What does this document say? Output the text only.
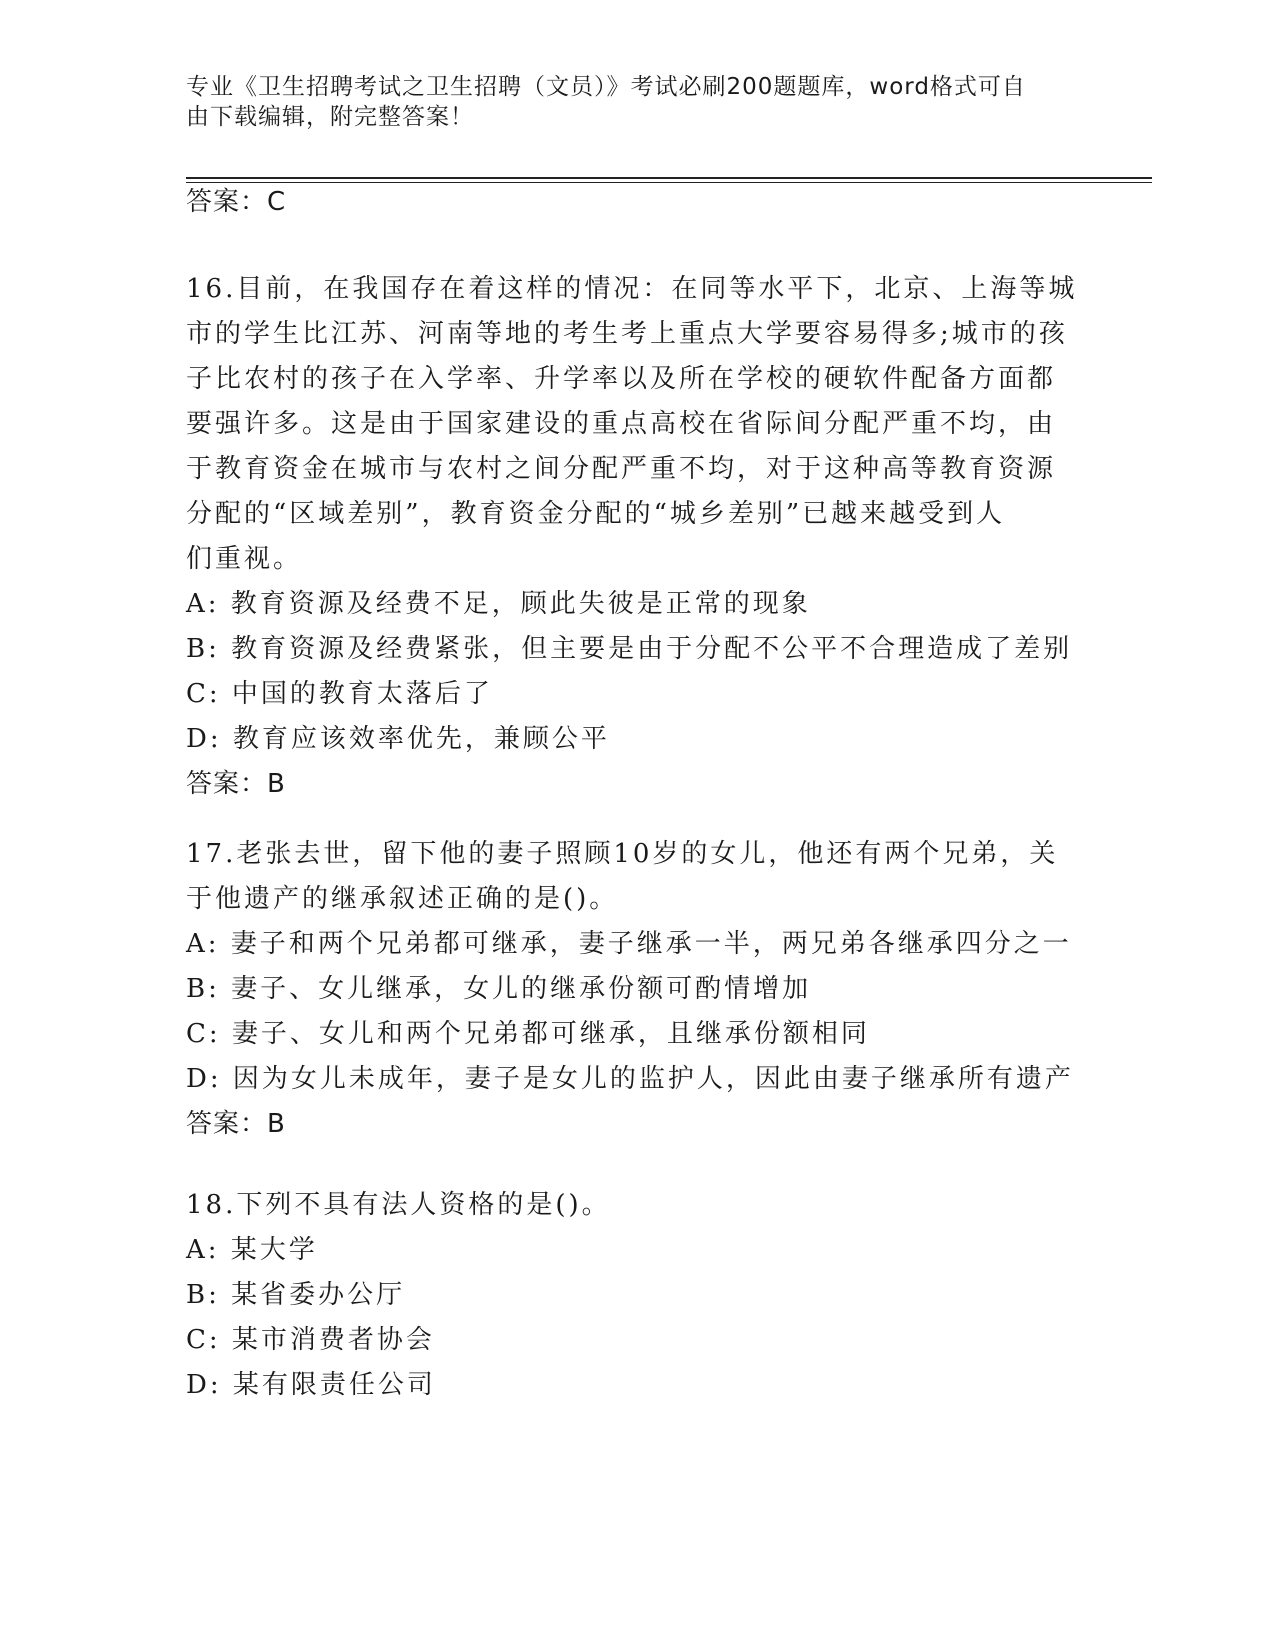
专业《卫生招聘考试之卫生招聘（文员）》考试必刷200题题库，word格式可自
由下载编辑，附完整答案！

答案：C

16.目前，在我国存在着这样的情况：在同等水平下，北京、上海等城

市的学生比江苏、河南等地的考生考上重点大学要容易得多;城市的孩

子比农村的孩子在入学率、升学率以及所在学校的硬软件配备方面都

要强许多。这是由于国家建设的重点高校在省际间分配严重不均，由

于教育资金在城市与农村之间分配严重不均，对于这种高等教育资源

分配的“区域差别”，教育资金分配的“城乡差别”已越来越受到人

们重视。

A: 教育资源及经费不足，顾此失彼是正常的现象

B: 教育资源及经费紧张，但主要是由于分配不公平不合理造成了差别

C: 中国的教育太落后了

D: 教育应该效率优先，兼顾公平

答案：B

17.老张去世，留下他的妻子照顾10岁的女儿，他还有两个兄弟，关

于他遗产的继承叙述正确的是()。

A: 妻子和两个兄弟都可继承，妻子继承一半，两兄弟各继承四分之一

B: 妻子、女儿继承，女儿的继承份额可酌情增加

C: 妻子、女儿和两个兄弟都可继承，且继承份额相同

D: 因为女儿未成年，妻子是女儿的监护人，因此由妻子继承所有遗产

答案：B

18.下列不具有法人资格的是()。

A: 某大学

B: 某省委办公厅

C: 某市消费者协会

D: 某有限责任公司
